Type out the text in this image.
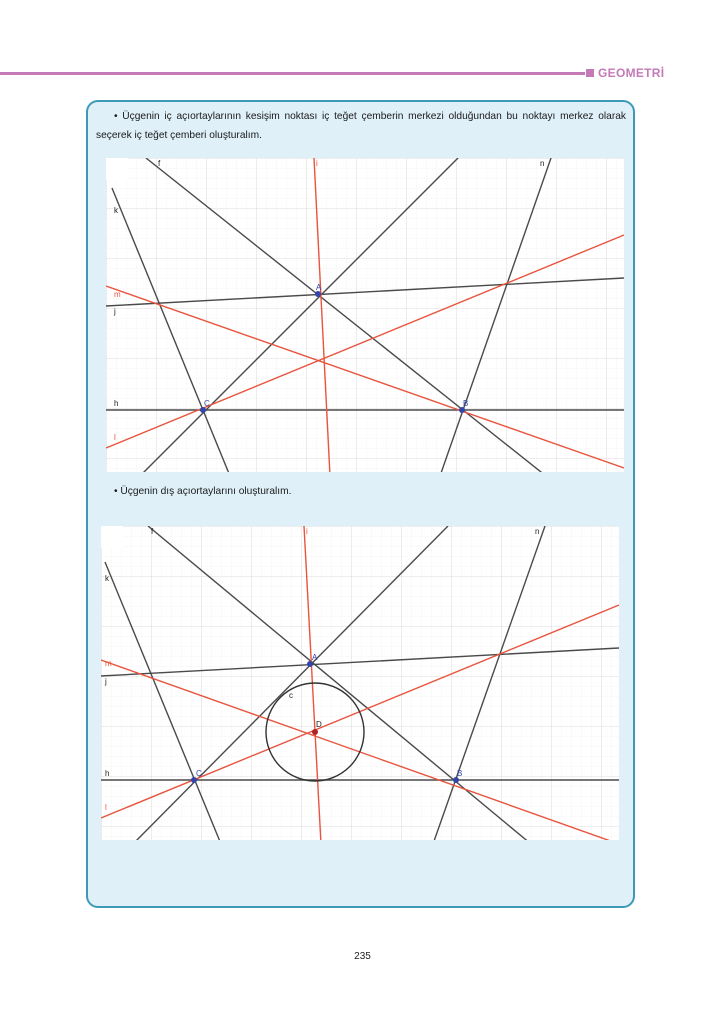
GEOMETRİ
• Üçgenin iç açıortaylarının kesişim noktası iç teğet çemberin merkezi olduğundan bu noktayı merkez olarak seçerek iç teğet çemberi oluşturalım.
A
B
C
f	i	n
k
m
j
h
l
• Üçgenin dış açıortaylarını oluşturalım.
A
B
C
D
c
f	i	n
k
m
j
h
l
235
